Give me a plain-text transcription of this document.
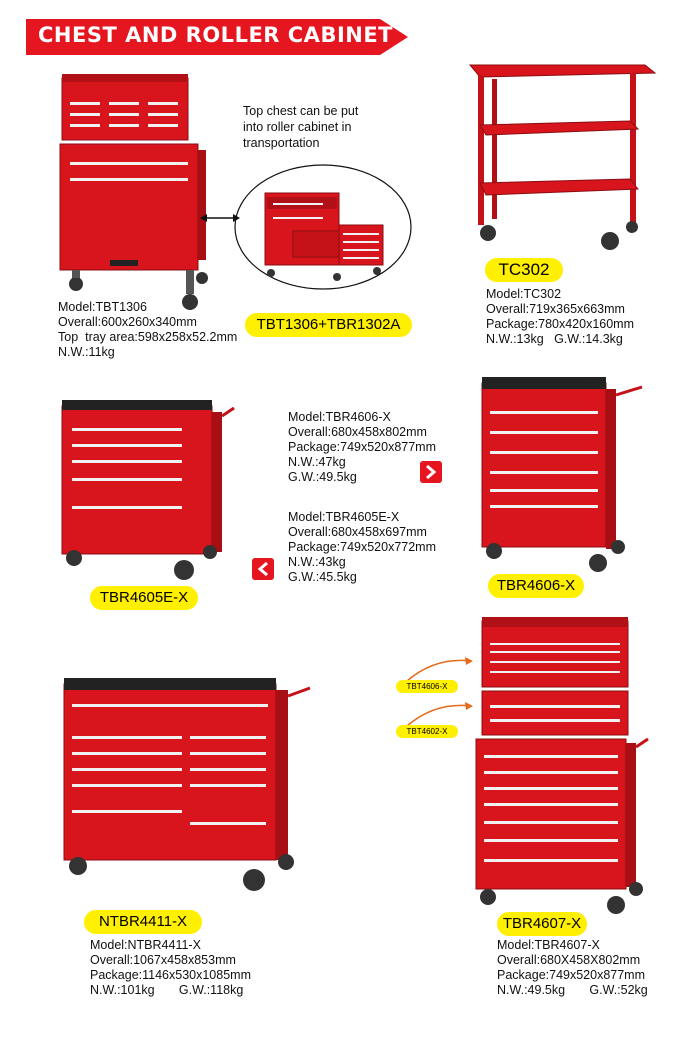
CHEST AND ROLLER CABINET
Top chest can be put into roller cabinet in transportation
TBT1306+TBR1302A
Model:TBT1306
Overall:600x260x340mm
Top  tray area:598x258x52.2mm
N.W.:11kg
TC302
Model:TC302
Overall:719x365x663mm
Package:780x420x160mm
N.W.:13kg   G.W.:14.3kg
TBR4605E-X
Model:TBR4606-X
Overall:680x458x802mm
Package:749x520x877mm
N.W.:47kg
G.W.:49.5kg
Model:TBR4605E-X
Overall:680x458x697mm
Package:749x520x772mm
N.W.:43kg
G.W.:45.5kg	TBR4606-X
NTBR4411-X
Model:NTBR4411-X
Overall:1067x458x853mm
Package:1146x530x1085mm
N.W.:101kg       G.W.:118kg
TBT4606-X
TBT4602-X
TBR4607-X
Model:TBR4607-X
Overall:680X458X802mm
Package:749x520x877mm
N.W.:49.5kg       G.W.:52kg
